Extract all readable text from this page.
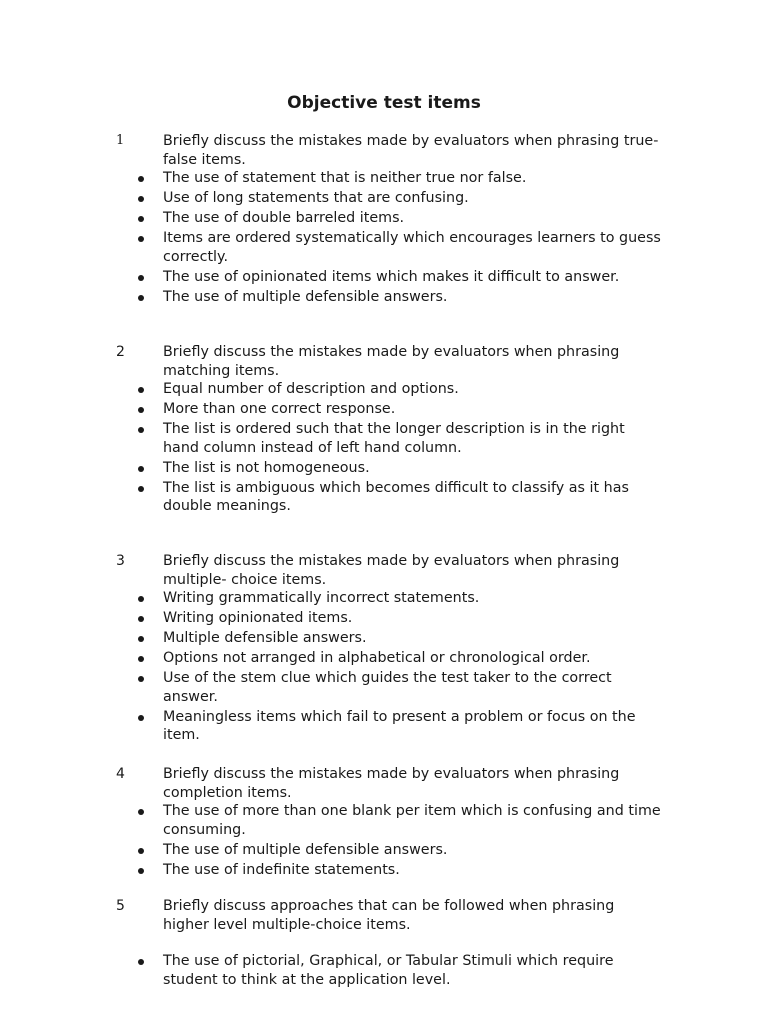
Objective test items
1	Briefly discuss the mistakes made by evaluators when phrasing true-false items.
The use of statement that is neither true nor false.
Use of long statements that are confusing.
The use of double barreled items.
Items are ordered systematically which encourages learners to guess correctly.
The use of opinionated items which makes it difficult to answer.
The use of multiple defensible answers.
2	Briefly discuss the mistakes made by evaluators when phrasing matching items.
Equal number of description and options.
More than one correct response.
The list is ordered such that the longer description is in the right hand column instead of left hand column.
The list is not homogeneous.
The list is ambiguous which becomes difficult to classify as it has double meanings.
3	Briefly discuss the mistakes made by evaluators when phrasing multiple- choice items.
Writing grammatically incorrect statements.
Writing opinionated items.
Multiple defensible answers.
Options not arranged in alphabetical or chronological order.
Use of the stem clue which guides the test taker to the correct answer.
Meaningless items which fail to present a problem or focus on the item.
4	Briefly discuss the mistakes made by evaluators when phrasing completion items.
The use of more than one blank per item which is confusing and time consuming.
The use of multiple defensible answers.
The use of indefinite statements.
5	Briefly discuss approaches that can be followed when phrasing higher level multiple-choice items.
The use of pictorial, Graphical, or Tabular Stimuli which require student to think at the application level.
